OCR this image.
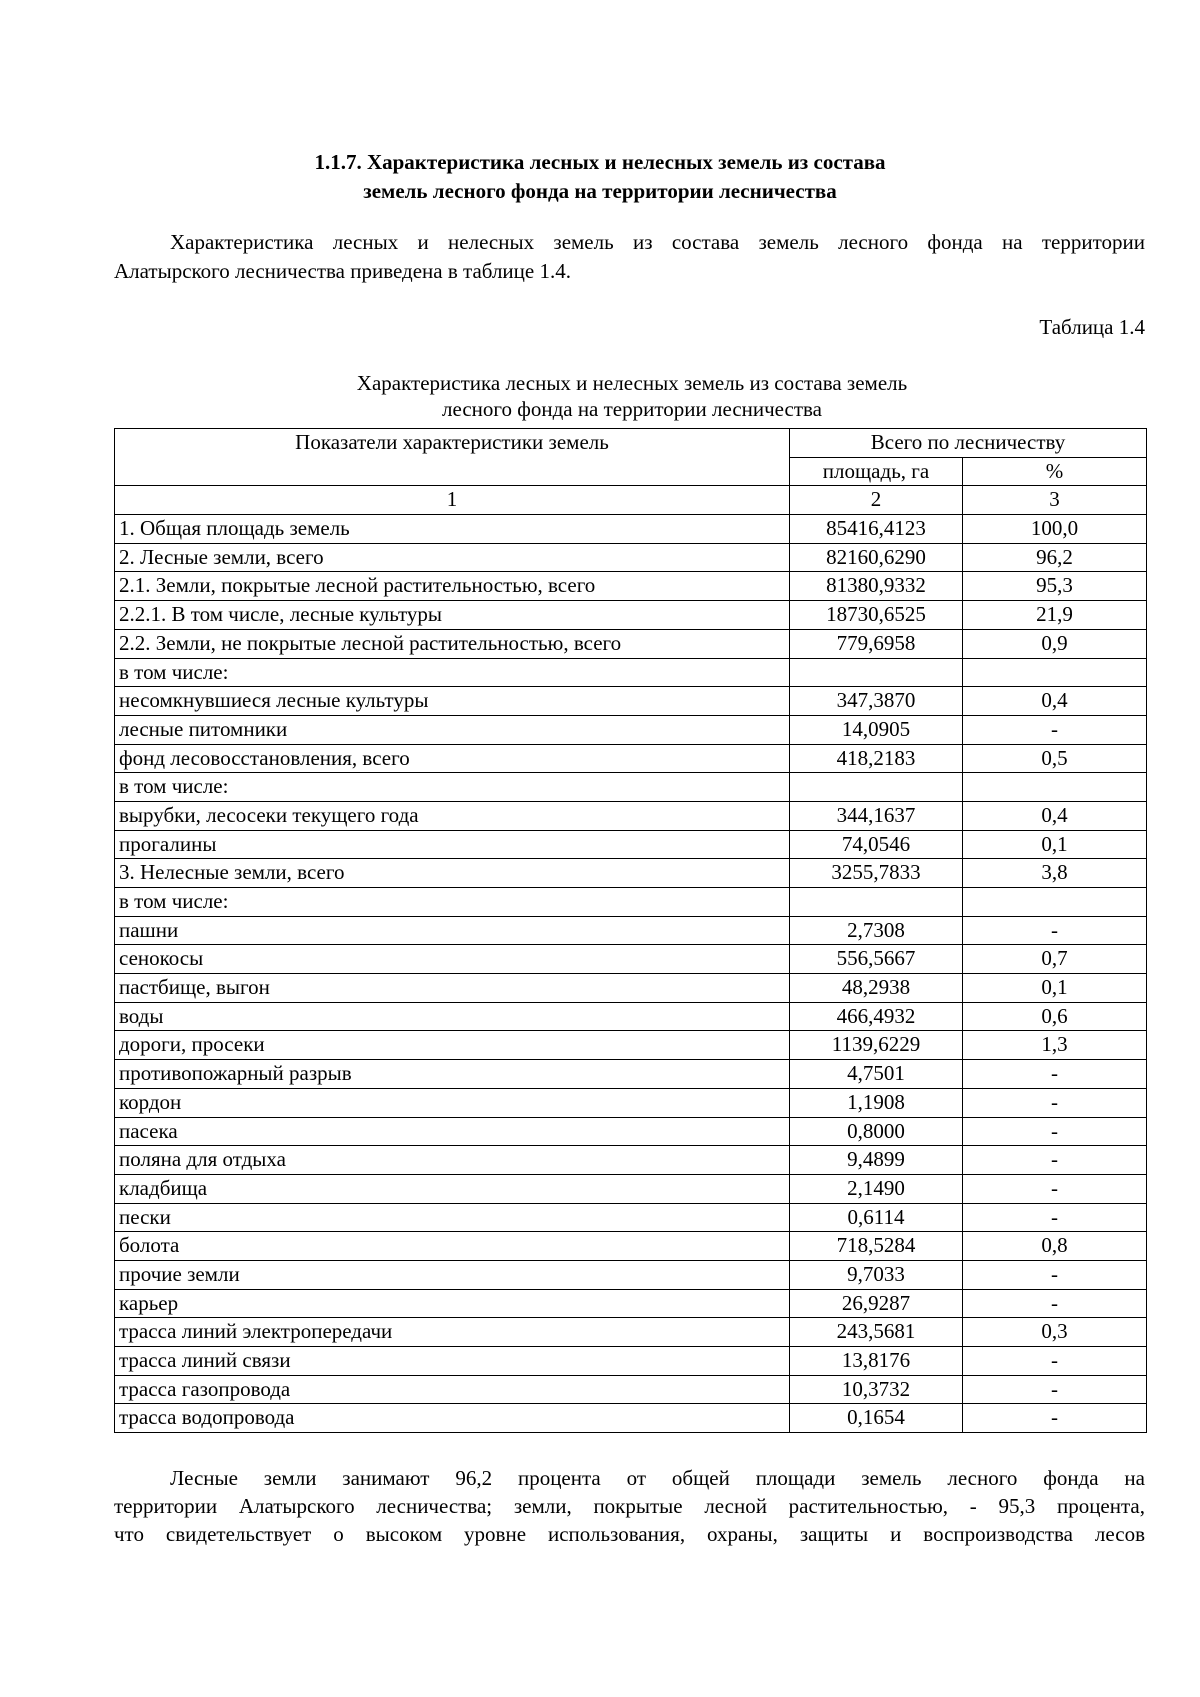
1.1.7. Характеристика лесных и нелесных земель из состава
земель лесного фонда на территории лесничества
Характеристика лесных и нелесных земель из состава земель лесного фонда на территории
Алатырского лесничества приведена в таблице 1.4.
Таблица 1.4
Характеристика лесных и нелесных земель из состава земель
лесного фонда на территории лесничества
Показатели характеристики земель	Всего по лесничеству	
	площадь, га	%
1	2	3
1. Общая площадь земель	85416,4123	100,0
2. Лесные земли, всего	82160,6290	96,2
2.1. Земли, покрытые лесной растительностью, всего	81380,9332	95,3
2.2.1. В том числе, лесные культуры	18730,6525	21,9
2.2. Земли, не покрытые лесной растительностью, всего	779,6958	0,9
в том числе:		
несомкнувшиеся лесные культуры	347,3870	0,4
лесные питомники	14,0905	-
фонд лесовосстановления, всего	418,2183	0,5
в том числе:		
вырубки, лесосеки текущего года	344,1637	0,4
прогалины	74,0546	0,1
3. Нелесные земли, всего	3255,7833	3,8
в том числе:		
пашни	2,7308	-
сенокосы	556,5667	0,7
пастбище, выгон	48,2938	0,1
воды	466,4932	0,6
дороги, просеки	1139,6229	1,3
противопожарный разрыв	4,7501	-
кордон	1,1908	-
пасека	0,8000	-
поляна для отдыха	9,4899	-
кладбища	2,1490	-
пески	0,6114	-
болота	718,5284	0,8
прочие земли	9,7033	-
карьер	26,9287	-
трасса линий электропередачи	243,5681	0,3
трасса линий связи	13,8176	-
трасса газопровода	10,3732	-
трасса водопровода	0,1654	-
Лесные земли занимают 96,2 процента от общей площади земель лесного фонда на
территории Алатырского лесничества; земли, покрытые лесной растительностью, - 95,3 процента,
что свидетельствует о высоком уровне использования, охраны, защиты и воспроизводства лесов
